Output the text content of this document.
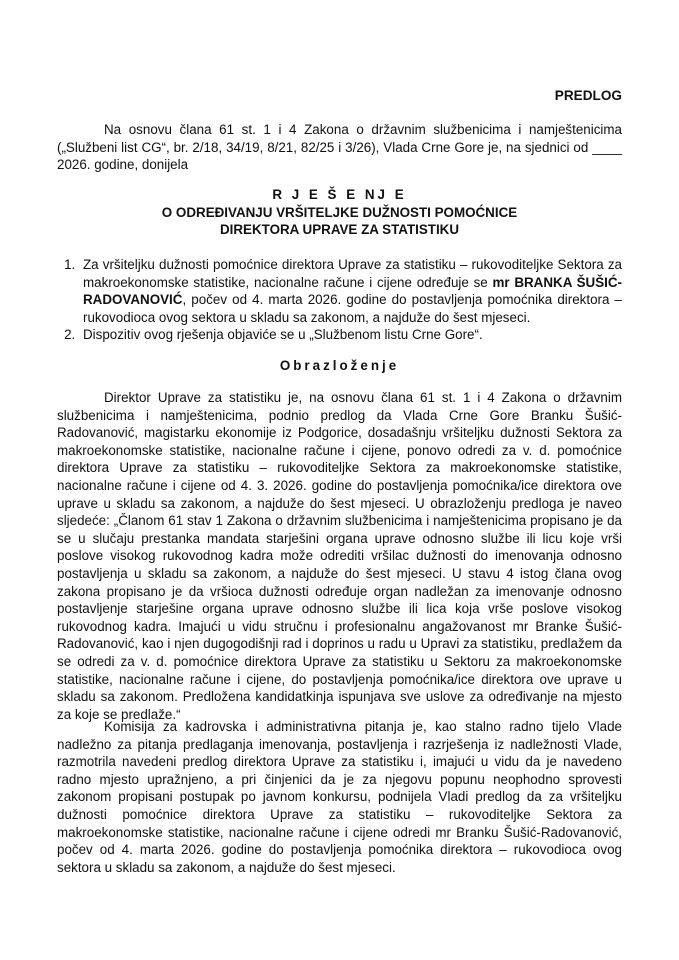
PREDLOG
Na osnovu člana 61 st. 1 i 4 Zakona o državnim službenicima i namještenicima („Službeni list CG“, br. 2/18, 34/19, 8/21, 82/25 i 3/26), Vlada Crne Gore je, na sjednici od ____ 2026. godine, donijela
R J E Š E NJ E
O ODREĐIVANJU VRŠITELJKE DUŽNOSTI POMOĆNICE
DIREKTORA UPRAVE ZA STATISTIKU
1. Za vršiteljku dužnosti pomoćnice direktora Uprave za statistiku – rukovoditeljke Sektora za makroekonomske statistike, nacionalne račune i cijene određuje se mr BRANKA ŠUŠIĆ-RADOVANOVIĆ, počev od 4. marta 2026. godine do postavljenja pomoćnika direktora – rukovodioca ovog sektora u skladu sa zakonom, a najduže do šest mjeseci.
2. Dispozitiv ovog rješenja objaviće se u „Službenom listu Crne Gore“.
Obrazloženje
Direktor Uprave za statistiku je, na osnovu člana 61 st. 1 i 4 Zakona o državnim službenicima i namještenicima, podnio predlog da Vlada Crne Gore Branku Šušić-Radovanović, magistarku ekonomije iz Podgorice, dosadašnju vršiteljku dužnosti Sektora za makroekonomske statistike, nacionalne račune i cijene, ponovo odredi za v. d. pomoćnice direktora Uprave za statistiku – rukovoditeljke Sektora za makroekonomske statistike, nacionalne račune i cijene od 4. 3. 2026. godine do postavljenja pomoćnika/ice direktora ove uprave u skladu sa zakonom, a najduže do šest mjeseci. U obrazloženju predloga je naveo sljedeće: „Članom 61 stav 1 Zakona o državnim službenicima i namještenicima propisano je da se u slučaju prestanka mandata starješini organa uprave odnosno službe ili licu koje vrši poslove visokog rukovodnog kadra može odrediti vršilac dužnosti do imenovanja odnosno postavljenja u skladu sa zakonom, a najduže do šest mjeseci. U stavu 4 istog člana ovog zakona propisano je da vršioca dužnosti određuje organ nadležan za imenovanje odnosno postavljenje starješine organa uprave odnosno službe ili lica koja vrše poslove visokog rukovodnog kadra. Imajući u vidu stručnu i profesionalnu angažovanost mr Branke Šušić-Radovanović, kao i njen dugogodišnji rad i doprinos u radu u Upravi za statistiku, predlažem da se odredi za v. d. pomoćnice direktora Uprave za statistiku u Sektoru za makroekonomske statistike, nacionalne račune i cijene, do postavljenja pomoćnika/ice direktora ove uprave u skladu sa zakonom. Predložena kandidatkinja ispunjava sve uslove za određivanje na mjesto za koje se predlaže.“
Komisija za kadrovska i administrativna pitanja je, kao stalno radno tijelo Vlade nadležno za pitanja predlaganja imenovanja, postavljenja i razrješenja iz nadležnosti Vlade, razmotrila navedeni predlog direktora Uprave za statistiku i, imajući u vidu da je navedeno radno mjesto upražnjeno, a pri činjenici da je za njegovu popunu neophodno sprovesti zakonom propisani postupak po javnom konkursu, podnijela Vladi predlog da za vršiteljku dužnosti pomoćnice direktora Uprave za statistiku – rukovoditeljke Sektora za makroekonomske statistike, nacionalne račune i cijene odredi mr Branku Šušić-Radovanović, počev od 4. marta 2026. godine do postavljenja pomoćnika direktora – rukovodioca ovog sektora u skladu sa zakonom, a najduže do šest mjeseci.
